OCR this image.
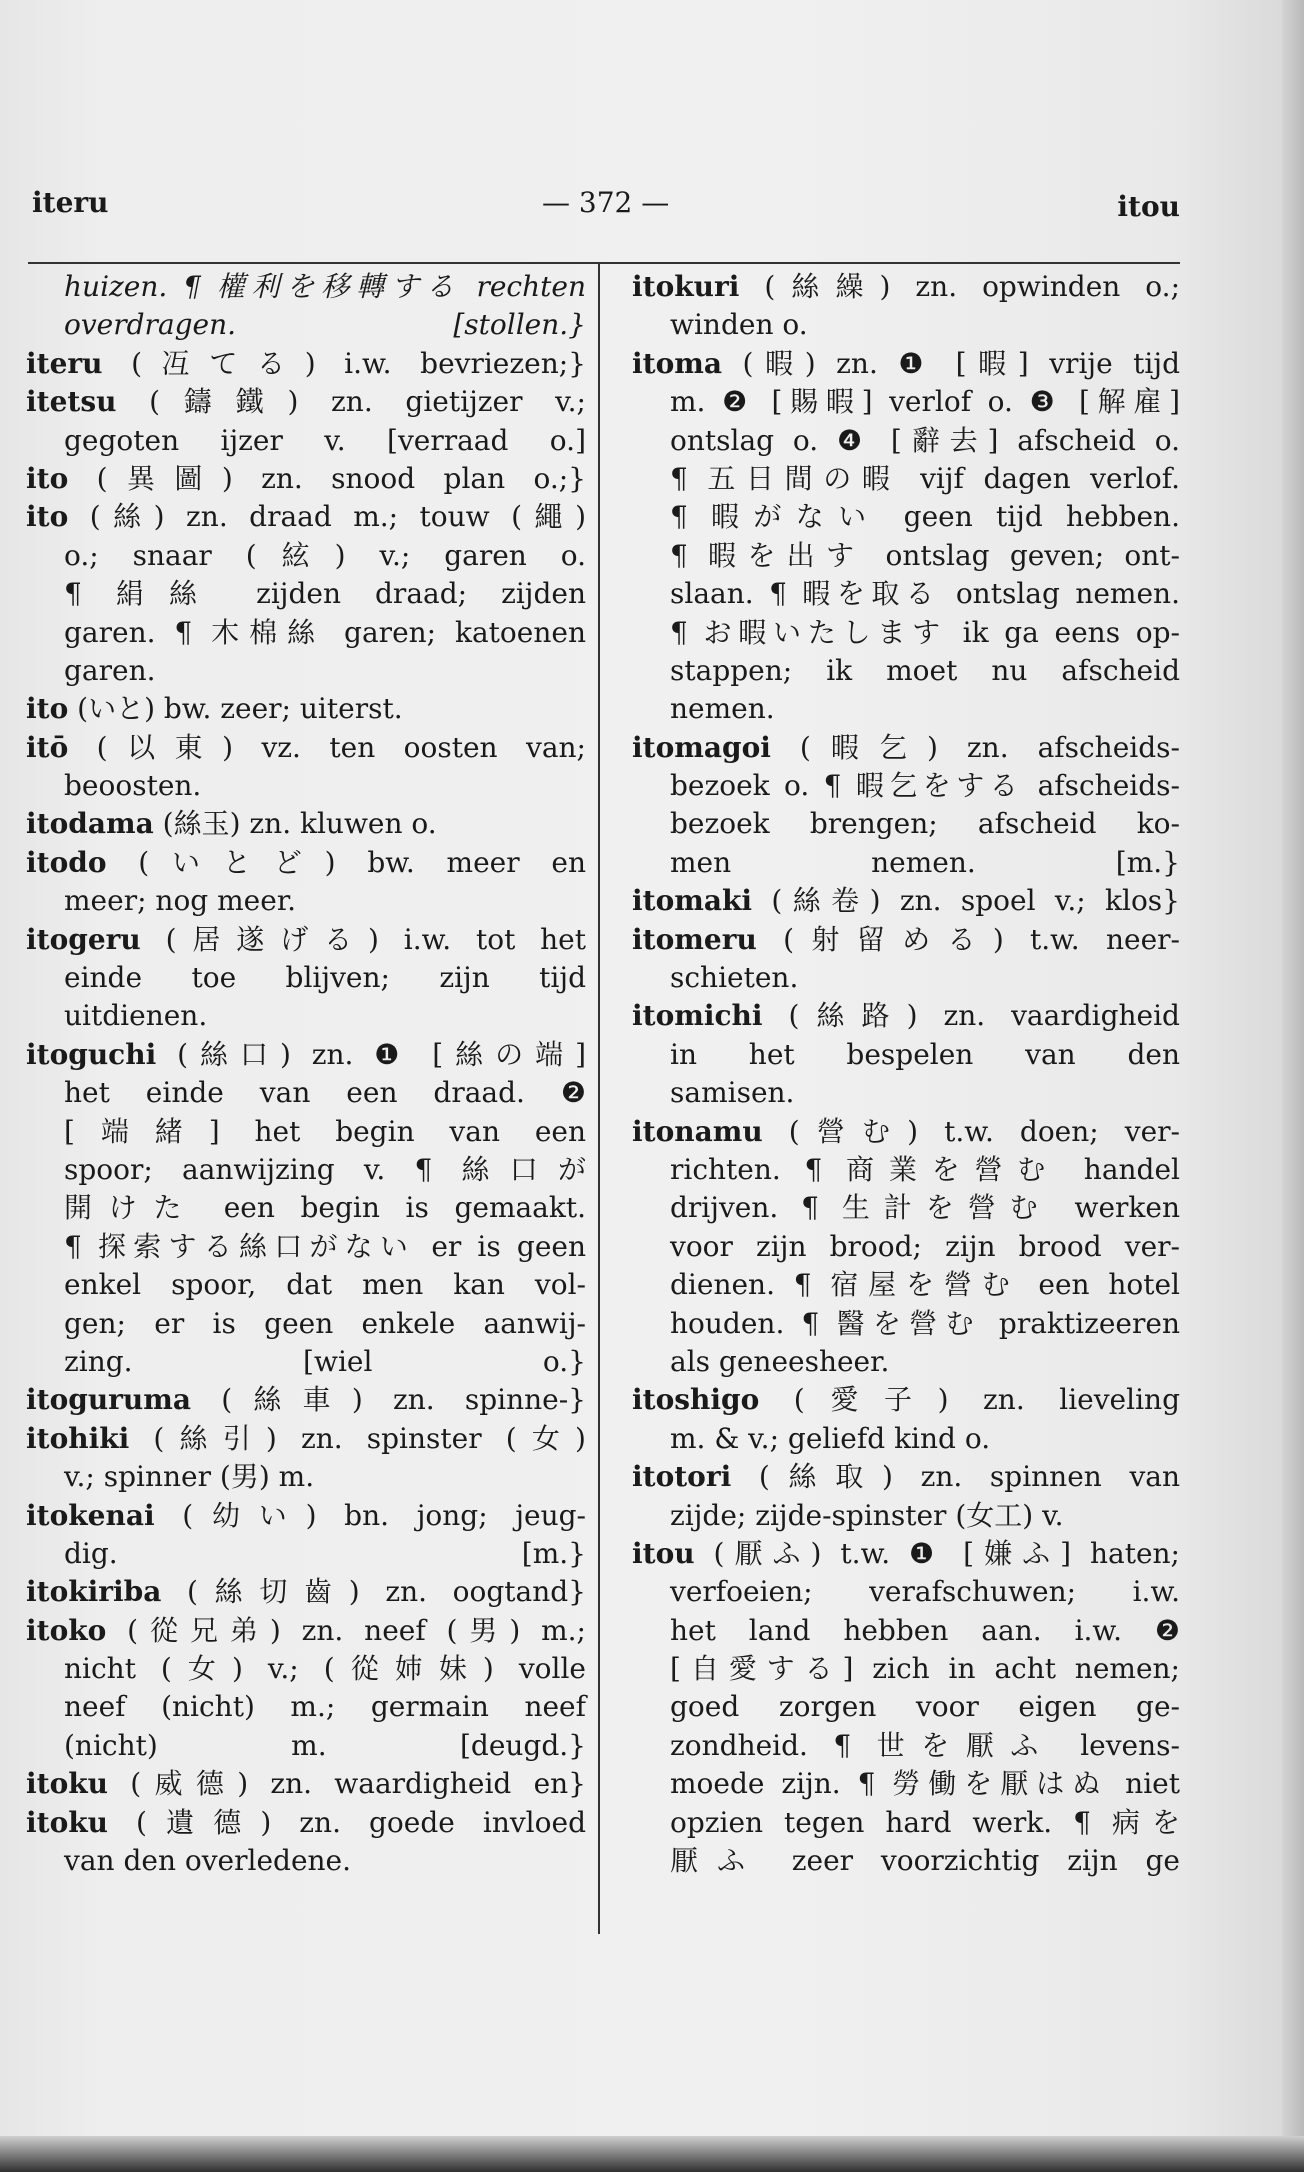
iteru	— 372 —	itou
huizen. ¶ 權利を移轉する rechten
overdragen. [stollen.}
iteru (冱てる) i.w. bevriezen;}
itetsu (鑄鐵) zn. gietijzer v.;
gegoten ijzer v. [verraad o.]
ito (異圖) zn. snood plan o.;}
ito (絲) zn. draad m.; touw (繩)
o.; snaar (絃) v.; garen o.
¶ 絹絲 zijden draad; zijden
garen. ¶ 木棉絲 garen; katoenen
garen.
ito (いと) bw. zeer; uiterst.
itō (以東) vz. ten oosten van;
beoosten.
itodama (絲玉) zn. kluwen o.
itodo (いとど) bw. meer en
meer; nog meer.
itogeru (居遂げる) i.w. tot het
einde toe blijven; zijn tijd
uitdienen.
itoguchi (絲口) zn. ❶ [絲の端]
het einde van een draad. ❷
[端緒] het begin van een
spoor; aanwijzing v. ¶ 絲口が
開けた een begin is gemaakt.
¶ 探索する絲口がない er is geen
enkel spoor, dat men kan vol-
gen; er is geen enkele aanwij-
zing. [wiel o.}
itoguruma (絲車) zn. spinne-}
itohiki (絲引) zn. spinster (女)
v.; spinner (男) m.
itokenai (幼い) bn. jong; jeug-
dig. [m.}
itokiriba (絲切齒) zn. oogtand}
itoko (從兄弟) zn. neef (男) m.;
nicht (女) v.; (從姉妹) volle
neef (nicht) m.; germain neef
(nicht) m. [deugd.}
itoku (威德) zn. waardigheid en}
itoku (遺德) zn. goede invloed
van den overledene.
itokuri (絲繰) zn. opwinden o.;
winden o.
itoma (暇) zn. ❶ [暇] vrije tijd
m. ❷ [賜暇] verlof o. ❸ [解雇]
ontslag o. ❹ [辭去] afscheid o.
¶ 五日間の暇 vijf dagen verlof.
¶ 暇がない geen tijd hebben.
¶ 暇を出す ontslag geven; ont-
slaan. ¶ 暇を取る ontslag nemen.
¶ お暇いたします ik ga eens op-
stappen; ik moet nu afscheid
nemen.
itomagoi (暇乞) zn. afscheids-
bezoek o. ¶ 暇乞をする afscheids-
bezoek brengen; afscheid ko-
men nemen. [m.}
itomaki (絲卷) zn. spoel v.; klos}
itomeru (射留める) t.w. neer-
schieten.
itomichi (絲路) zn. vaardigheid
in het bespelen van den
samisen.
itonamu (營む) t.w. doen; ver-
richten. ¶ 商業を營む handel
drijven. ¶ 生計を營む werken
voor zijn brood; zijn brood ver-
dienen. ¶ 宿屋を營む een hotel
houden. ¶ 醫を營む praktizeeren
als geneesheer.
itoshigo (愛子) zn. lieveling
m. & v.; geliefd kind o.
itotori (絲取) zn. spinnen van
zijde; zijde-spinster (女工) v.
itou (厭ふ) t.w. ❶ [嫌ふ] haten;
verfoeien; verafschuwen; i.w.
het land hebben aan. i.w. ❷
[自愛する] zich in acht nemen;
goed zorgen voor eigen ge-
zondheid. ¶ 世を厭ふ levens-
moede zijn. ¶ 勞働を厭はぬ niet
opzien tegen hard werk. ¶ 病を
厭ふ zeer voorzichtig zijn ge
